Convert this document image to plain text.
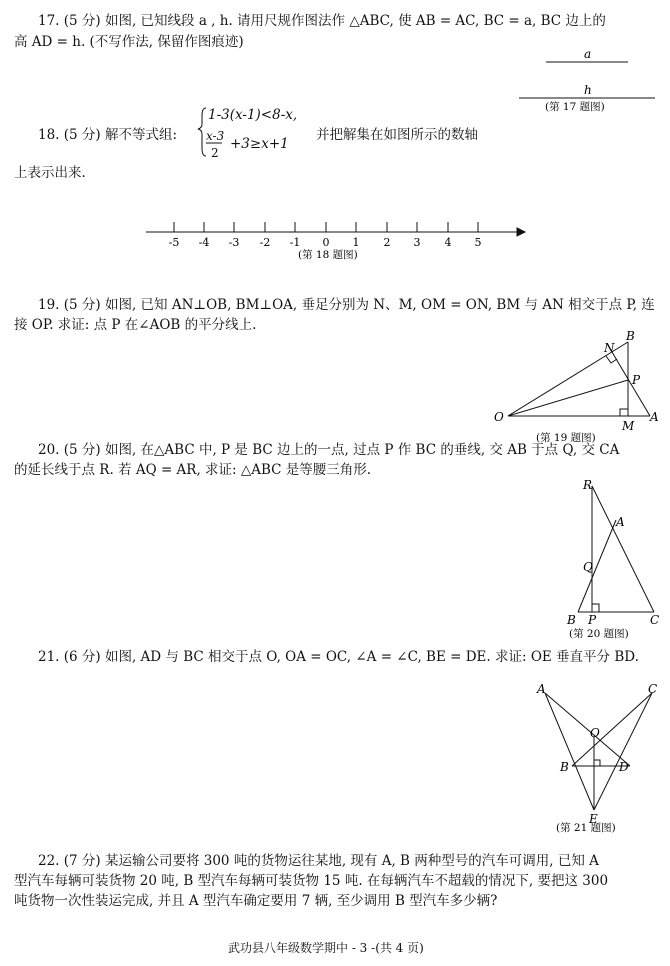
17. (5 分) 如图, 已知线段 a , h. 请用尺规作图法作 △ABC, 使 AB = AC, BC = a, BC 边上的
高 AD = h. (不写作法, 保留作图痕迹)
18. (5 分) 解不等式组:
1-3(x-1)<8-x,
x-3
2
+3≥x+1
并把解集在如图所示的数轴
上表示出来.
19. (5 分) 如图, 已知 AN⊥OB, BM⊥OA, 垂足分别为 N、M, OM = ON, BM 与 AN 相交于点 P, 连
接 OP. 求证: 点 P 在∠AOB 的平分线上.
20. (5 分) 如图, 在△ABC 中, P 是 BC 边上的一点, 过点 P 作 BC 的垂线, 交 AB 于点 Q, 交 CA
的延长线于点 R. 若 AQ = AR, 求证: △ABC 是等腰三角形.
21. (6 分) 如图, AD 与 BC 相交于点 O, OA = OC, ∠A = ∠C, BE = DE. 求证: OE 垂直平分 BD.
22. (7 分) 某运输公司要将 300 吨的货物运往某地, 现有 A, B 两种型号的汽车可调用, 已知 A
型汽车每辆可装货物 20 吨, B 型汽车每辆可装货物 15 吨. 在每辆汽车不超载的情况下, 要把这 300
吨货物一次性装运完成, 并且 A 型汽车确定要用 7 辆, 至少调用 B 型汽车多少辆?
武功县八年级数学期中 - 3 -(共 4 页)
a
h
(第 17 题图)
-5 -4 -3 -2 -1 0 1 2 3 4 5
(第 18 题图)
O	A
B
N
M
P
(第 19 题图)
R
A
Q
B P	C
(第 20 题图)
A	C
O
B	D
E
(第 21 题图)
